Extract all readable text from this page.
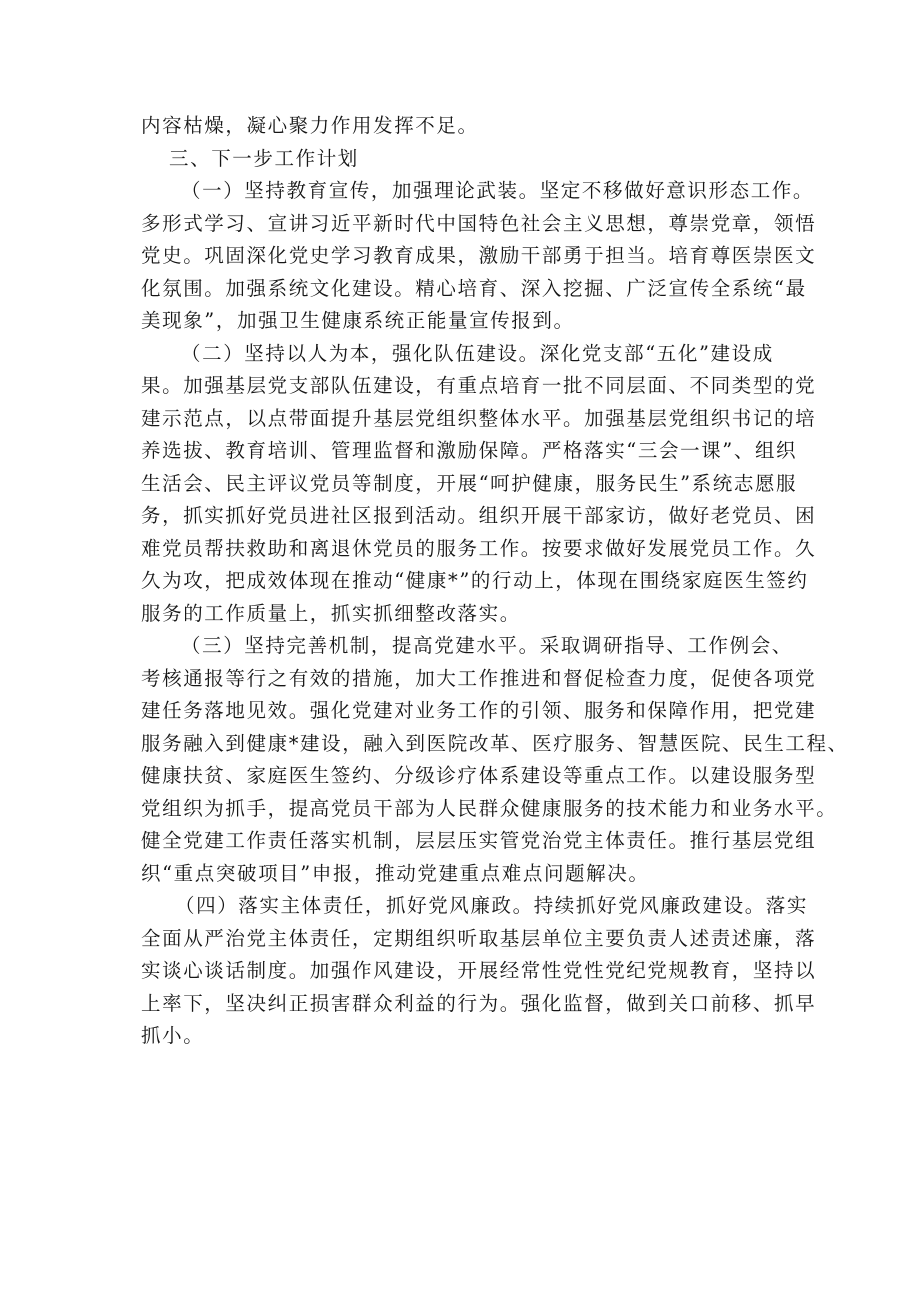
内容枯燥，凝心聚力作用发挥不足。
三、下一步工作计划
（一）坚持教育宣传，加强理论武装。坚定不移做好意识形态工作。
多形式学习、宣讲习近平新时代中国特色社会主义思想，尊崇党章，领悟
党史。巩固深化党史学习教育成果，激励干部勇于担当。培育尊医崇医文
化氛围。加强系统文化建设。精心培育、深入挖掘、广泛宣传全系统“最
美现象”，加强卫生健康系统正能量宣传报到。
（二）坚持以人为本，强化队伍建设。深化党支部“五化”建设成
果。加强基层党支部队伍建设，有重点培育一批不同层面、不同类型的党
建示范点，以点带面提升基层党组织整体水平。加强基层党组织书记的培
养选拔、教育培训、管理监督和激励保障。严格落实“三会一课”、组织
生活会、民主评议党员等制度，开展“呵护健康，服务民生”系统志愿服
务，抓实抓好党员进社区报到活动。组织开展干部家访，做好老党员、困
难党员帮扶救助和离退休党员的服务工作。按要求做好发展党员工作。久
久为攻，把成效体现在推动“健康*”的行动上，体现在围绕家庭医生签约
服务的工作质量上，抓实抓细整改落实。
（三）坚持完善机制，提高党建水平。采取调研指导、工作例会、
考核通报等行之有效的措施，加大工作推进和督促检查力度，促使各项党
建任务落地见效。强化党建对业务工作的引领、服务和保障作用，把党建
服务融入到健康*建设，融入到医院改革、医疗服务、智慧医院、民生工程、
健康扶贫、家庭医生签约、分级诊疗体系建设等重点工作。以建设服务型
党组织为抓手，提高党员干部为人民群众健康服务的技术能力和业务水平。
健全党建工作责任落实机制，层层压实管党治党主体责任。推行基层党组
织“重点突破项目”申报，推动党建重点难点问题解决。
（四）落实主体责任，抓好党风廉政。持续抓好党风廉政建设。落实
全面从严治党主体责任，定期组织听取基层单位主要负责人述责述廉，落
实谈心谈话制度。加强作风建设，开展经常性党性党纪党规教育，坚持以
上率下，坚决纠正损害群众利益的行为。强化监督，做到关口前移、抓早
抓小。
